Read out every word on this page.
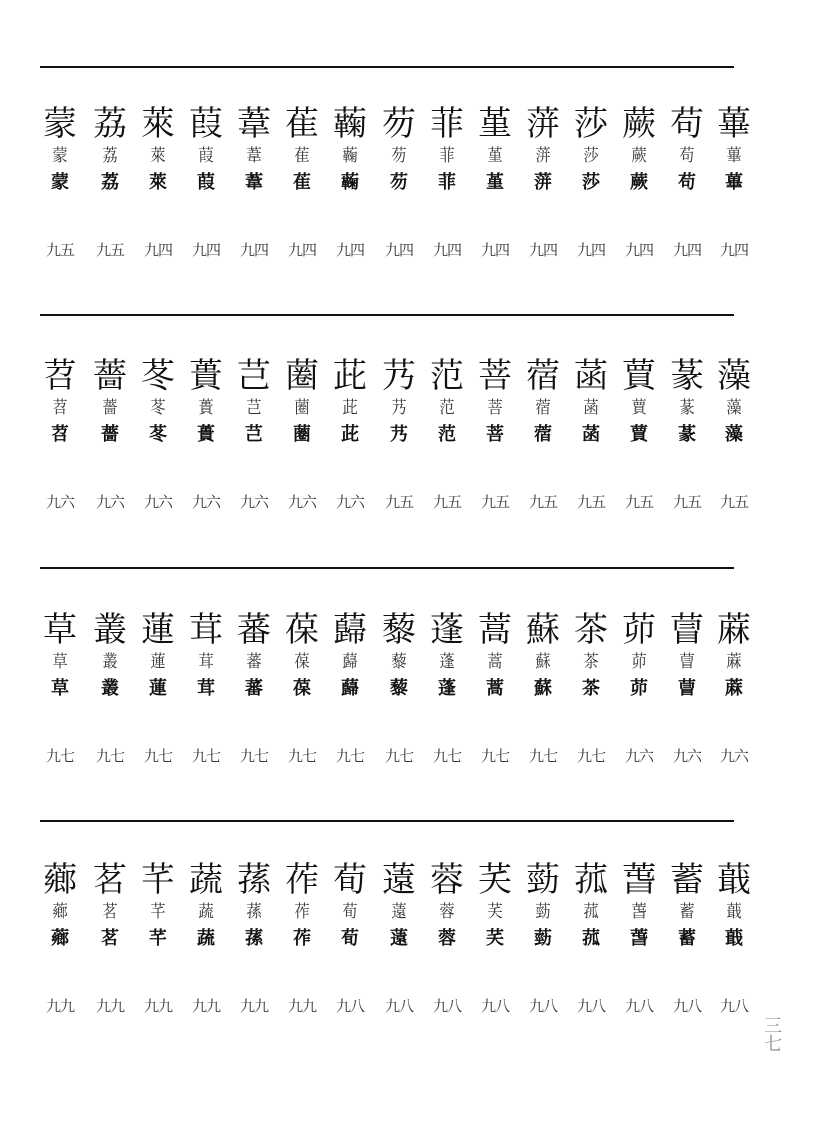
蒙
蒙
蒙
九五
荔
荔
荔
九五
萊
萊
萊
九四
葭
葭
葭
九四
葦
葦
葦
九四
萑
萑
萑
九四
蘜
蘜
蘜
九四
芴
芴
芴
九四
菲
菲
菲
九四
堇
堇
堇
九四
蓱
蓱
蓱
九四
莎
莎
莎
九四
蕨
蕨
蕨
九四
苟
苟
苟
九四
蓽
蓽
蓽
九四
苕
苕
苕
九六
薔
薔
薔
九六
苳
苳
苳
九六
蕢
蕢
蕢
九六
芑
芑
芑
九六
蔨
蔨
蔨
九六
茈
茈
茈
九六
艿
艿
艿
九五
范
范
范
九五
菩
菩
菩
九五
蓿
蓿
蓿
九五
菡
菡
菡
九五
蕒
蕒
蕒
九五
蒃
蒃
蒃
九五
藻
藻
藻
九五
草
草
草
九七
叢
叢
叢
九七
蓮
蓮
蓮
九七
茸
茸
茸
九七
蕃
蕃
蕃
九七
葆
葆
葆
九七
蘬
蘬
蘬
九七
藜
藜
藜
九七
蓬
蓬
蓬
九七
蒿
蒿
蒿
九七
蘇
蘇
蘇
九七
茶
茶
茶
九七
茆
茆
茆
九六
萺
萺
萺
九六
蔴
蔴
蔴
九六
薌
薌
薌
九九
茗
茗
茗
九九
芊
芊
芊
九九
蔬
蔬
蔬
九九
蓀
蓀
蓀
九九
莋
莋
莋
九九
荀
荀
荀
九八
薳
薳
薳
九八
蓉
蓉
蓉
九八
芺
芺
芺
九八
葝
葝
葝
九八
菰
菰
菰
九八
萅
萅
萅
九八
蓄
蓄
蓄
九八
蕺
蕺
蕺
九八
三七
